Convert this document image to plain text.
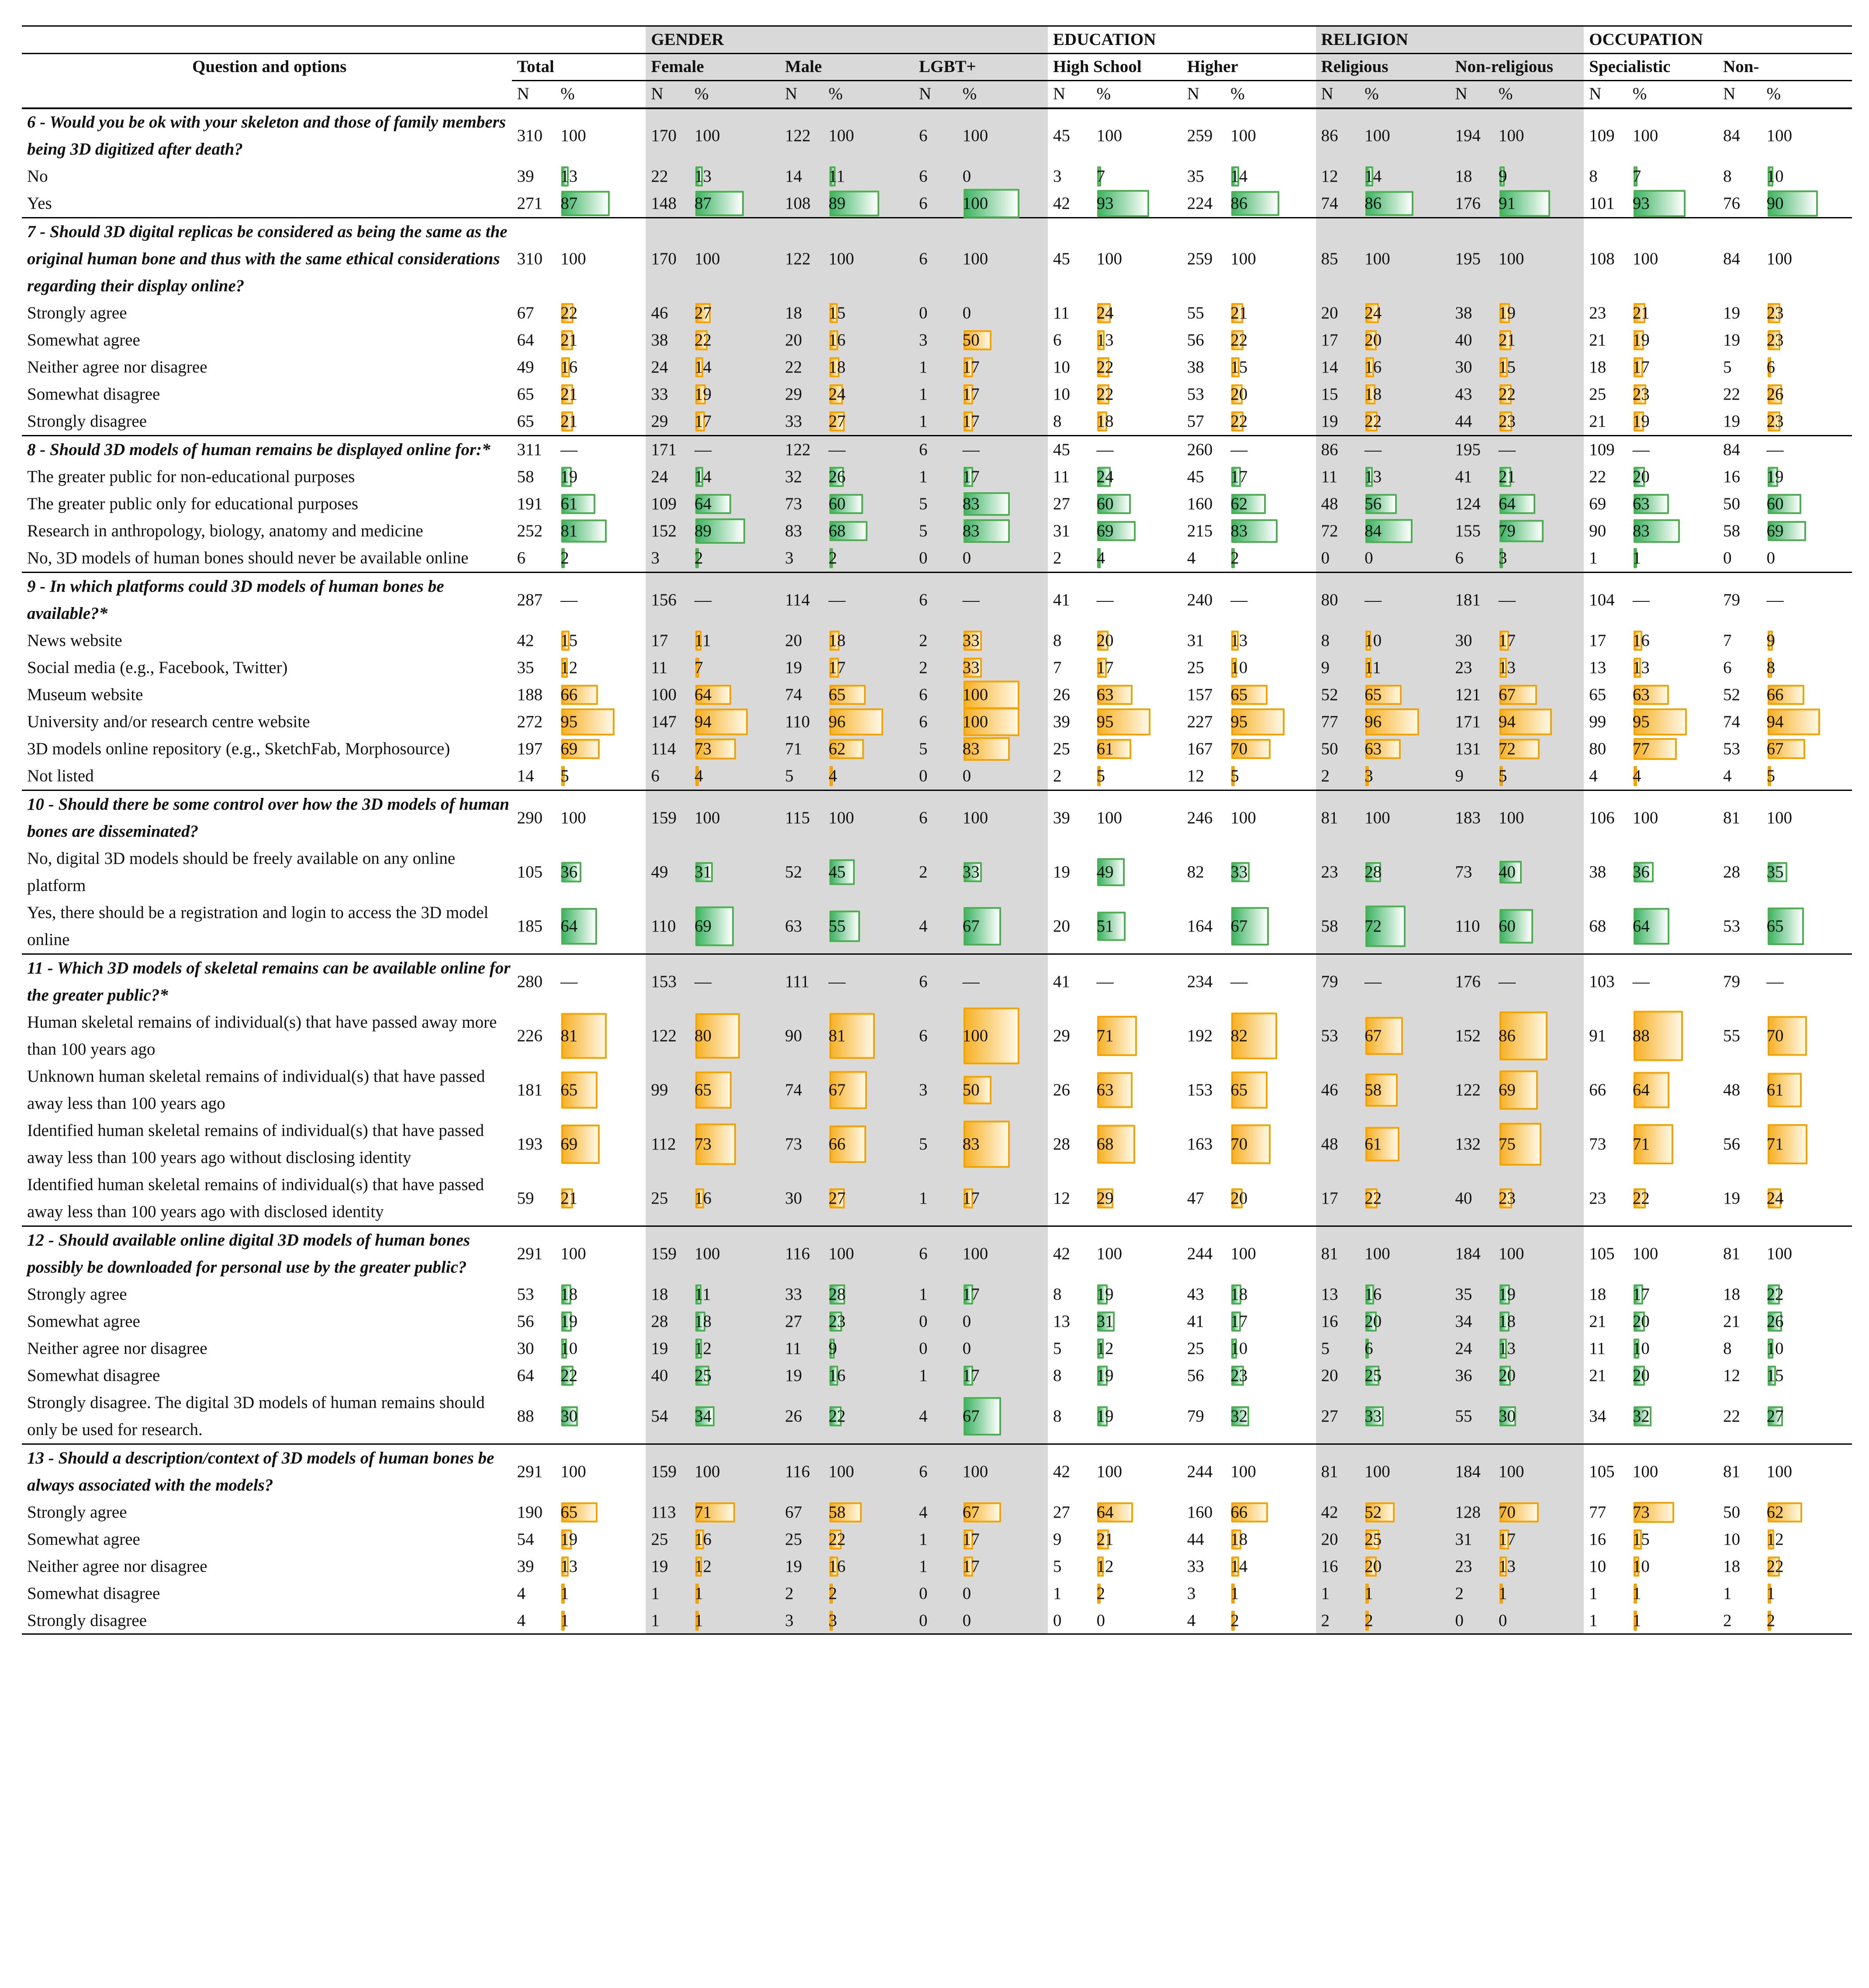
Question and options			GENDER						EDUCATION				RELIGION				OCCUPATION			
	Total		Female		Male		LGBT+		High School		Higher		Religious		Non-religious		Specialistic		Non-	
	N	%	N	%	N	%	N	%	N	%	N	%	N	%	N	%	N	%	N	%
6 - Would you be ok with your skeleton and those of family members being 3D digitized after death?	310	100	170	100	122	100	6	100	45	100	259	100	86	100	194	100	109	100	84	100
No	39	13	22	13	14	11	6	0	3	7	35	14	12	14	18	9	8	7	8	10
Yes	271	87	148	87	108	89	6	100	42	93	224	86	74	86	176	91	101	93	76	90
7 - Should 3D digital replicas be considered as being the same as the original human bone and thus with the same ethical considerations regarding their display online?	310	100	170	100	122	100	6	100	45	100	259	100	85	100	195	100	108	100	84	100
Strongly agree	67	22	46	27	18	15	0	0	11	24	55	21	20	24	38	19	23	21	19	23
Somewhat agree	64	21	38	22	20	16	3	50	6	13	56	22	17	20	40	21	21	19	19	23
Neither agree nor disagree	49	16	24	14	22	18	1	17	10	22	38	15	14	16	30	15	18	17	5	6
Somewhat disagree	65	21	33	19	29	24	1	17	10	22	53	20	15	18	43	22	25	23	22	26
Strongly disagree	65	21	29	17	33	27	1	17	8	18	57	22	19	22	44	23	21	19	19	23
8 - Should 3D models of human remains be displayed online for:*	311	—	171	—	122	—	6	—	45	—	260	—	86	—	195	—	109	—	84	—
The greater public for non-educational purposes	58	19	24	14	32	26	1	17	11	24	45	17	11	13	41	21	22	20	16	19
The greater public only for educational purposes	191	61	109	64	73	60	5	83	27	60	160	62	48	56	124	64	69	63	50	60
Research in anthropology, biology, anatomy and medicine	252	81	152	89	83	68	5	83	31	69	215	83	72	84	155	79	90	83	58	69
No, 3D models of human bones should never be available online	6	2	3	2	3	2	0	0	2	4	4	2	0	0	6	3	1	1	0	0
9 - In which platforms could 3D models of human bones be available?*	287	—	156	—	114	—	6	—	41	—	240	—	80	—	181	—	104	—	79	—
News website	42	15	17	11	20	18	2	33	8	20	31	13	8	10	30	17	17	16	7	9
Social media (e.g., Facebook, Twitter)	35	12	11	7	19	17	2	33	7	17	25	10	9	11	23	13	13	13	6	8
Museum website	188	66	100	64	74	65	6	100	26	63	157	65	52	65	121	67	65	63	52	66
University and/or research centre website	272	95	147	94	110	96	6	100	39	95	227	95	77	96	171	94	99	95	74	94
3D models online repository (e.g., SketchFab, Morphosource)	197	69	114	73	71	62	5	83	25	61	167	70	50	63	131	72	80	77	53	67
Not listed	14	5	6	4	5	4	0	0	2	5	12	5	2	3	9	5	4	4	4	5
10 - Should there be some control over how the 3D models of human bones are disseminated?	290	100	159	100	115	100	6	100	39	100	246	100	81	100	183	100	106	100	81	100
No, digital 3D models should be freely available on any online platform	105	36	49	31	52	45	2	33	19	49	82	33	23	28	73	40	38	36	28	35
Yes, there should be a registration and login to access the 3D model online	185	64	110	69	63	55	4	67	20	51	164	67	58	72	110	60	68	64	53	65
11 - Which 3D models of skeletal remains can be available online for the greater public?*	280	—	153	—	111	—	6	—	41	—	234	—	79	—	176	—	103	—	79	—
Human skeletal remains of individual(s) that have passed away more than 100 years ago	226	81	122	80	90	81	6	100	29	71	192	82	53	67	152	86	91	88	55	70
Unknown human skeletal remains of individual(s) that have passed away less than 100 years ago	181	65	99	65	74	67	3	50	26	63	153	65	46	58	122	69	66	64	48	61
Identified human skeletal remains of individual(s) that have passed away less than 100 years ago without disclosing identity	193	69	112	73	73	66	5	83	28	68	163	70	48	61	132	75	73	71	56	71
Identified human skeletal remains of individual(s) that have passed away less than 100 years ago with disclosed identity	59	21	25	16	30	27	1	17	12	29	47	20	17	22	40	23	23	22	19	24
12 - Should available online digital 3D models of human bones possibly be downloaded for personal use by the greater public?	291	100	159	100	116	100	6	100	42	100	244	100	81	100	184	100	105	100	81	100
Strongly agree	53	18	18	11	33	28	1	17	8	19	43	18	13	16	35	19	18	17	18	22
Somewhat agree	56	19	28	18	27	23	0	0	13	31	41	17	16	20	34	18	21	20	21	26
Neither agree nor disagree	30	10	19	12	11	9	0	0	5	12	25	10	5	6	24	13	11	10	8	10
Somewhat disagree	64	22	40	25	19	16	1	17	8	19	56	23	20	25	36	20	21	20	12	15
Strongly disagree. The digital 3D models of human remains should only be used for research.	88	30	54	34	26	22	4	67	8	19	79	32	27	33	55	30	34	32	22	27
13 - Should a description/context of 3D models of human bones be always associated with the models?	291	100	159	100	116	100	6	100	42	100	244	100	81	100	184	100	105	100	81	100
Strongly agree	190	65	113	71	67	58	4	67	27	64	160	66	42	52	128	70	77	73	50	62
Somewhat agree	54	19	25	16	25	22	1	17	9	21	44	18	20	25	31	17	16	15	10	12
Neither agree nor disagree	39	13	19	12	19	16	1	17	5	12	33	14	16	20	23	13	10	10	18	22
Somewhat disagree	4	1	1	1	2	2	0	0	1	2	3	1	1	1	2	1	1	1	1	1
Strongly disagree	4	1	1	1	3	3	0	0	0	0	4	2	2	2	0	0	1	1	2	2
